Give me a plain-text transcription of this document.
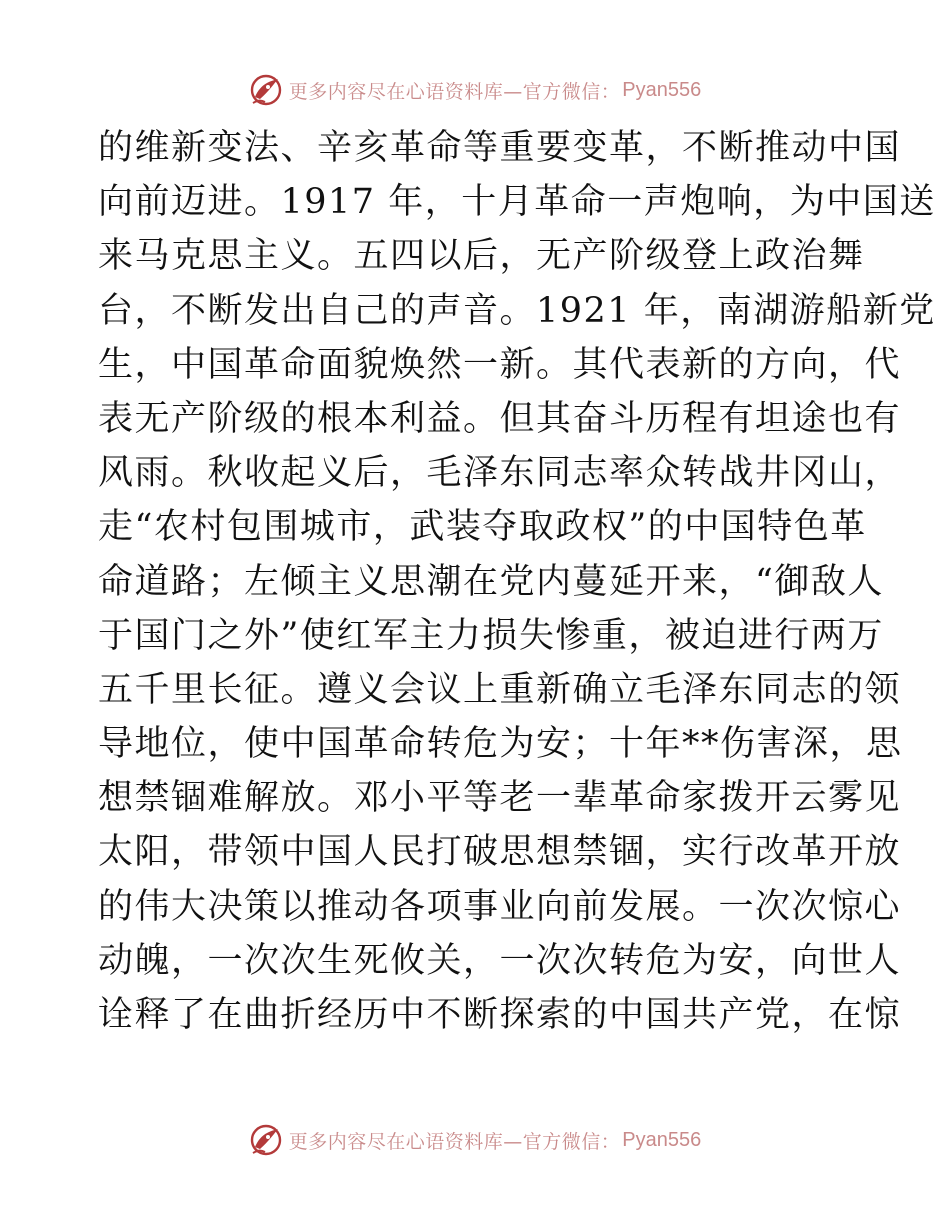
更多内容尽在心语资料库—官方微信： Pyan556
的维新变法、辛亥革命等重要变革，不断推动中国
向前迈进。1917 年，十月革命一声炮响，为中国送
来马克思主义。五四以后，无产阶级登上政治舞
台，不断发出自己的声音。1921 年，南湖游船新党
生，中国革命面貌焕然一新。其代表新的方向，代
表无产阶级的根本利益。但其奋斗历程有坦途也有
风雨。秋收起义后，毛泽东同志率众转战井冈山，
走“农村包围城市，武装夺取政权”的中国特色革
命道路；左倾主义思潮在党内蔓延开来，“御敌人
于国门之外”使红军主力损失惨重，被迫进行两万
五千里长征。遵义会议上重新确立毛泽东同志的领
导地位，使中国革命转危为安；十年**伤害深，思
想禁锢难解放。邓小平等老一辈革命家拨开云雾见
太阳，带领中国人民打破思想禁锢，实行改革开放
的伟大决策以推动各项事业向前发展。一次次惊心
动魄，一次次生死攸关，一次次转危为安，向世人
诠释了在曲折经历中不断探索的中国共产党，在惊
更多内容尽在心语资料库—官方微信： Pyan556
